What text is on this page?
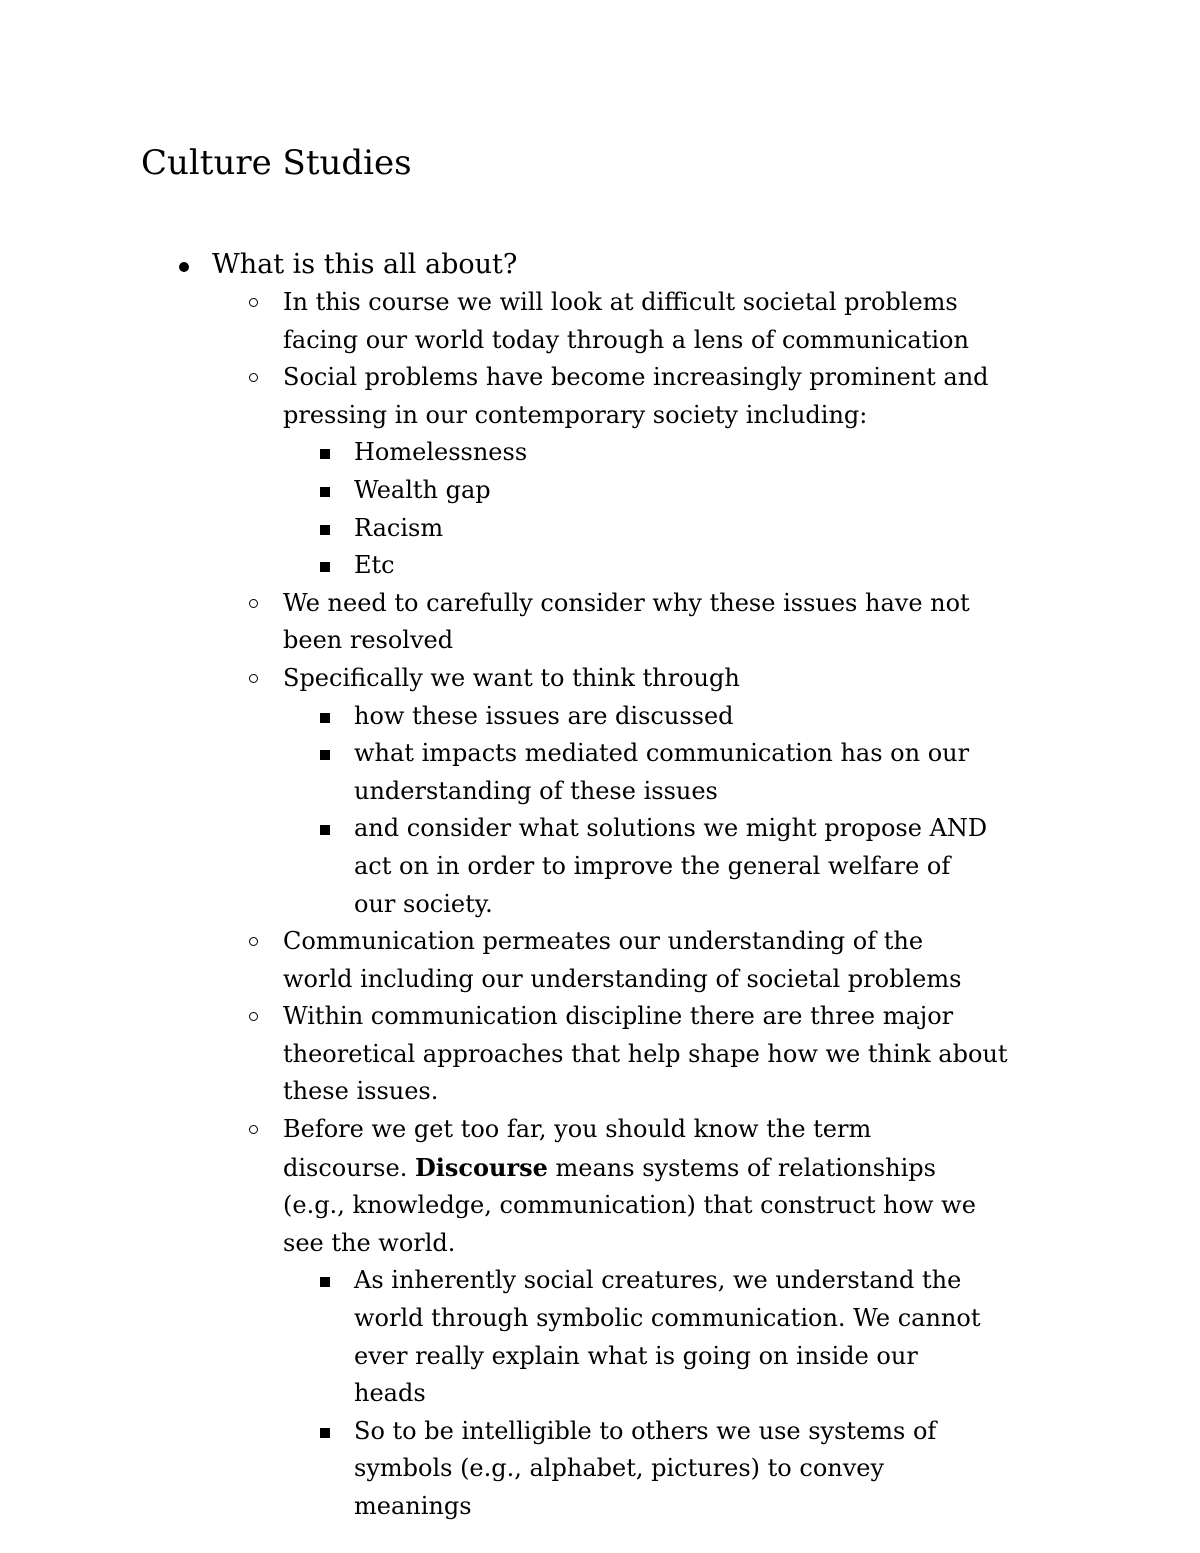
Culture Studies
What is this all about?
In this course we will look at difficult societal problems facing our world today through a lens of communication
Social problems have become increasingly prominent and pressing in our contemporary society including:
Homelessness
Wealth gap
Racism
Etc
We need to carefully consider why these issues have not been resolved
Specifically we want to think through
how these issues are discussed
what impacts mediated communication has on our understanding of these issues
and consider what solutions we might propose AND act on in order to improve the general welfare of our society.
Communication permeates our understanding of the world including our understanding of societal problems
Within communication discipline there are three major theoretical approaches that help shape how we think about these issues.
Before we get too far, you should know the term discourse. Discourse means systems of relationships (e.g., knowledge, communication) that construct how we see the world.
As inherently social creatures, we understand the world through symbolic communication. We cannot ever really explain what is going on inside our heads
So to be intelligible to others we use systems of symbols (e.g., alphabet, pictures) to convey meanings
